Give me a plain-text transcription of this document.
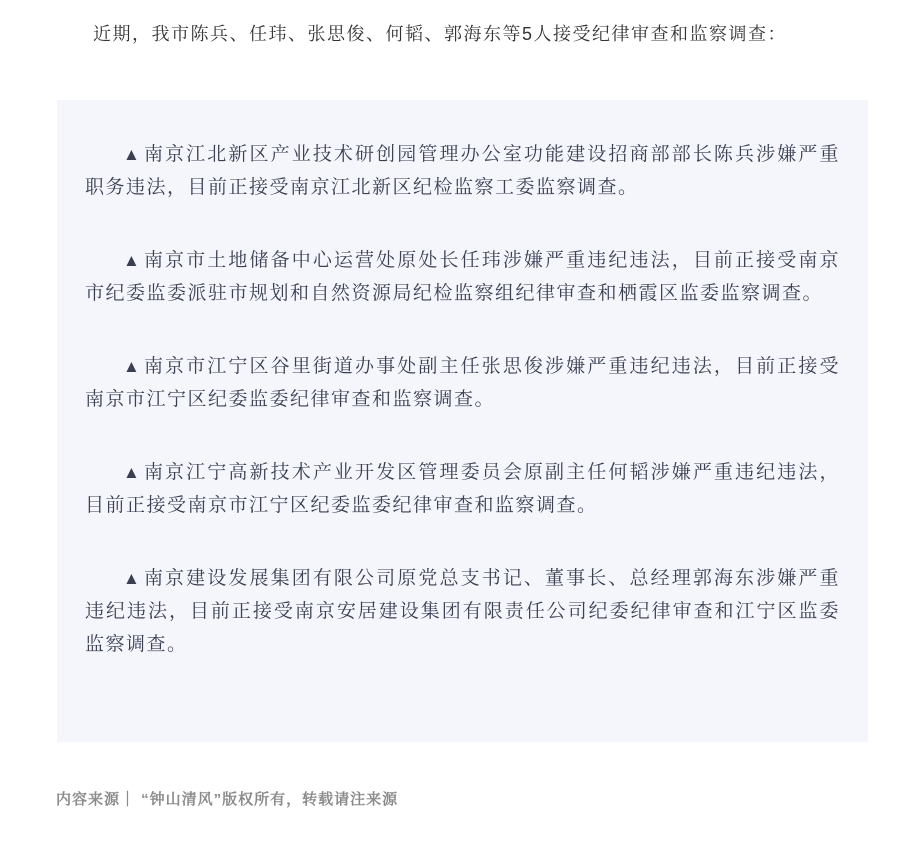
近期，我市陈兵、任玮、张思俊、何韬、郭海东等5人接受纪律审查和监察调查：

▲ 南京江北新区产业技术研创园管理办公室功能建设招商部部长陈兵涉嫌严重职务违法，目前正接受南京江北新区纪检监察工委监察调查。

▲ 南京市土地储备中心运营处原处长任玮涉嫌严重违纪违法，目前正接受南京市纪委监委派驻市规划和自然资源局纪检监察组纪律审查和栖霞区监委监察调查。

▲ 南京市江宁区谷里街道办事处副主任张思俊涉嫌严重违纪违法，目前正接受南京市江宁区纪委监委纪律审查和监察调查。

▲ 南京江宁高新技术产业开发区管理委员会原副主任何韬涉嫌严重违纪违法，目前正接受南京市江宁区纪委监委纪律审查和监察调查。

▲ 南京建设发展集团有限公司原党总支书记、董事长、总经理郭海东涉嫌严重违纪违法，目前正接受南京安居建设集团有限责任公司纪委纪律审查和江宁区监委监察调查。

内容来源｜ “钟山清风”版权所有，转载请注来源
